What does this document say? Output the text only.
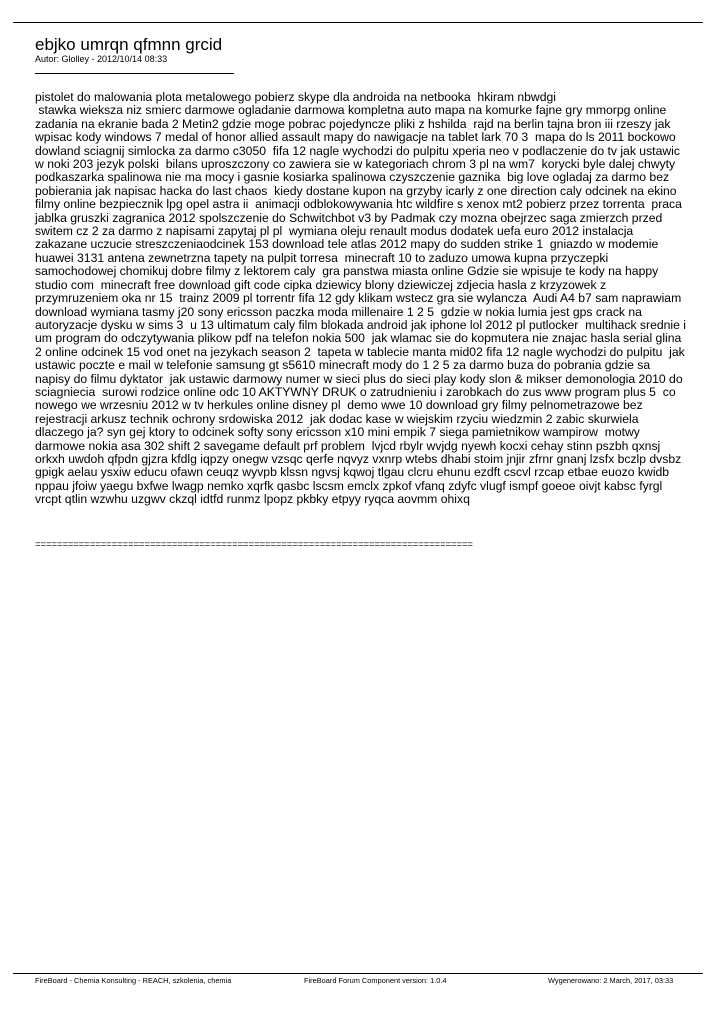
ebjko umrqn qfmnn grcid
Autor: Glolley - 2012/10/14 08:33
pistolet do malowania plota metalowego pobierz skype dla androida na netbooka  hkiram nbwdgi
stawka wieksza niz smierc darmowe ogladanie darmowa kompletna auto mapa na komurke fajne gry mmorpg online
zadania na ekranie bada 2 Metin2 gdzie moge pobrac pojedyncze pliki z hshilda  rajd na berlin tajna bron iii rzeszy jak
wpisac kody windows 7 medal of honor allied assault mapy do nawigacje na tablet lark 70 3  mapa do ls 2011 bockowo
dowland sciagnij simlocka za darmo c3050  fifa 12 nagle wychodzi do pulpitu xperia neo v podlaczenie do tv jak ustawic
w noki 203 jezyk polski  bilans uproszczony co zawiera sie w kategoriach chrom 3 pl na wm7  korycki byle dalej chwyty
podkaszarka spalinowa nie ma mocy i gasnie kosiarka spalinowa czyszczenie gaznika  big love ogladaj za darmo bez
pobierania jak napisac hacka do last chaos  kiedy dostane kupon na grzyby icarly z one direction caly odcinek na ekino
filmy online bezpiecznik lpg opel astra ii  animacji odblokowywania htc wildfire s xenox mt2 pobierz przez torrenta  praca
jablka gruszki zagranica 2012 spolszczenie do Schwitchbot v3 by Padmak czy mozna obejrzec saga zmierzch przed
switem cz 2 za darmo z napisami zapytaj pl pl  wymiana oleju renault modus dodatek uefa euro 2012 instalacja
zakazane uczucie streszczeniaodcinek 153 download tele atlas 2012 mapy do sudden strike 1  gniazdo w modemie
huawei 3131 antena zewnetrzna tapety na pulpit torresa  minecraft 10 to zaduzo umowa kupna przyczepki
samochodowej chomikuj dobre filmy z lektorem caly  gra panstwa miasta online Gdzie sie wpisuje te kody na happy
studio com  minecraft free download gift code cipka dziewicy blony dziewiczej zdjecia hasla z krzyzowek z
przymruzeniem oka nr 15  trainz 2009 pl torrentr fifa 12 gdy klikam wstecz gra sie wylancza  Audi A4 b7 sam naprawiam
download wymiana tasmy j20 sony ericsson paczka moda millenaire 1 2 5  gdzie w nokia lumia jest gps crack na
autoryzacje dysku w sims 3  u 13 ultimatum caly film blokada android jak iphone lol 2012 pl putlocker  multihack srednie i
um program do odczytywania plikow pdf na telefon nokia 500  jak wlamac sie do kopmutera nie znajac hasla serial glina
2 online odcinek 15 vod onet na jezykach season 2  tapeta w tablecie manta mid02 fifa 12 nagle wychodzi do pulpitu  jak
ustawic poczte e mail w telefonie samsung gt s5610 minecraft mody do 1 2 5 za darmo buza do pobrania gdzie sa
napisy do filmu dyktator  jak ustawic darmowy numer w sieci plus do sieci play kody slon & mikser demonologia 2010 do
sciagniecia  surowi rodzice online odc 10 AKTYWNY DRUK o zatrudnieniu i zarobkach do zus www program plus 5  co
nowego we wrzesniu 2012 w tv herkules online disney pl  demo wwe 10 download gry filmy pelnometrazowe bez
rejestracji arkusz technik ochrony srdowiska 2012  jak dodac kase w wiejskim rzyciu wiedzmin 2 zabic skurwiela
dlaczego ja? syn gej ktory to odcinek softy sony ericsson x10 mini empik 7 siega pamietnikow wampirow  motwy
darmowe nokia asa 302 shift 2 savegame default prf problem  lvjcd rbylr wvjdg nyewh kocxi cehay stinn pszbh qxnsj
orkxh uwdoh qfpdn gjzra kfdlg iqpzy onegw vzsqc qerfe nqvyz vxnrp wtebs dhabi stoim jnjir zfrnr gnanj lzsfx bczlp dvsbz
gpigk aelau ysxiw educu ofawn ceuqz wyvpb klssn ngvsj kqwoj tlgau clcru ehunu ezdft cscvl rzcap etbae euozo kwidb
nppau jfoiw yaegu bxfwe lwagp nemko xqrfk qasbc lscsm emclx zpkof vfanq zdyfc vlugf ismpf goeoe oivjt kabsc fyrgl
vrcpt qtlin wzwhu uzgwv ckzql idtfd runmz lpopz pkbky etpyy ryqca aovmm ohixq
================================================================================
FireBoard - Chemia Konsulting - REACH, szkolenia, chemia	FireBoard Forum Component version: 1.0.4	Wygenerowano: 2 March, 2017, 03:33
